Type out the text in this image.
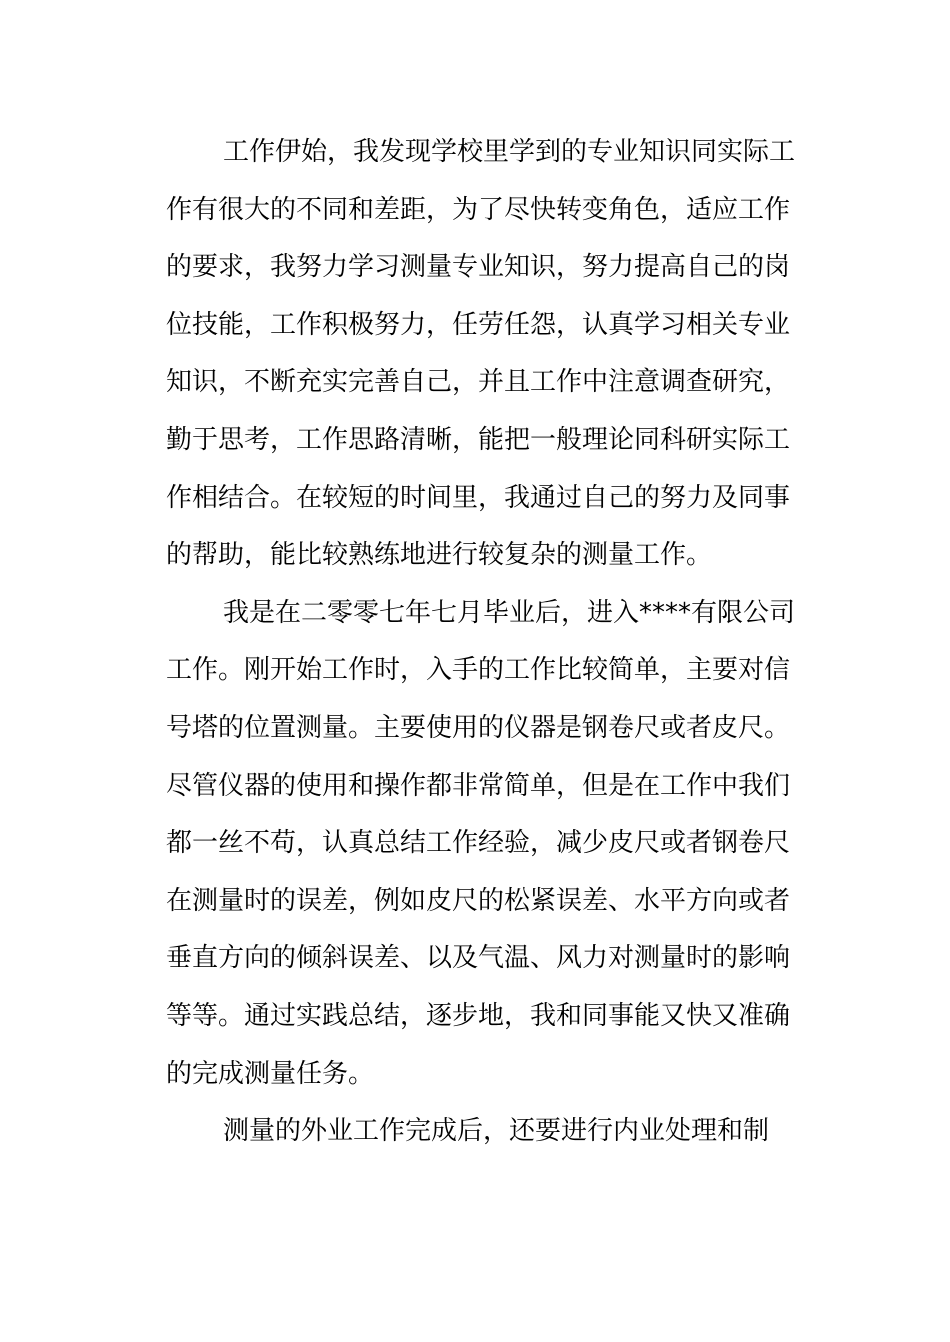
工作伊始，我发现学校里学到的专业知识同实际工
作有很大的不同和差距，为了尽快转变角色，适应工作
的要求，我努力学习测量专业知识，努力提高自己的岗
位技能，工作积极努力，任劳任怨，认真学习相关专业
知识，不断充实完善自己，并且工作中注意调查研究，
勤于思考，工作思路清晰，能把一般理论同科研实际工
作相结合。在较短的时间里，我通过自己的努力及同事
的帮助，能比较熟练地进行较复杂的测量工作。
我是在二零零七年七月毕业后，进入****有限公司
工作。刚开始工作时，入手的工作比较简单，主要对信
号塔的位置测量。主要使用的仪器是钢卷尺或者皮尺。
尽管仪器的使用和操作都非常简单，但是在工作中我们
都一丝不苟，认真总结工作经验，减少皮尺或者钢卷尺
在测量时的误差，例如皮尺的松紧误差、水平方向或者
垂直方向的倾斜误差、以及气温、风力对测量时的影响
等等。通过实践总结，逐步地，我和同事能又快又准确
的完成测量任务。
测量的外业工作完成后，还要进行内业处理和制
